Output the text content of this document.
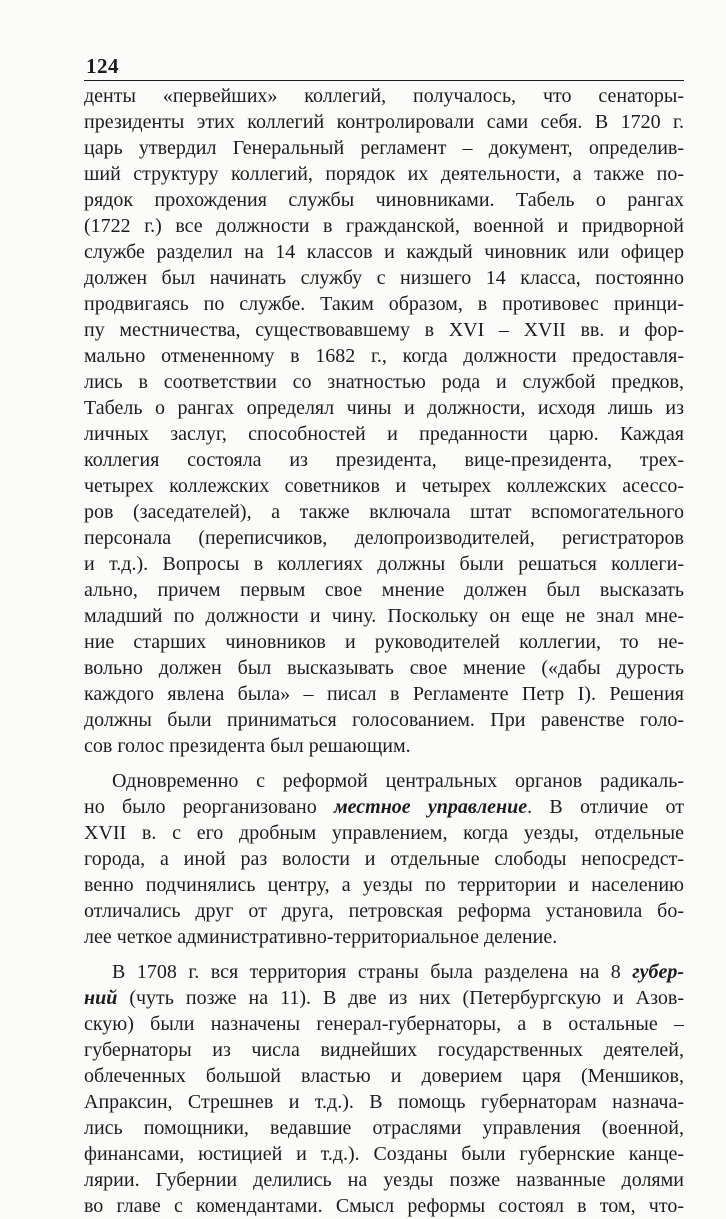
124
денты «первейших» коллегий, получалось, что сенаторы-
президенты этих коллегий контролировали сами себя. В 1720 г.
царь утвердил Генеральный регламент – документ, определив-
ший структуру коллегий, порядок их деятельности, а также по-
рядок прохождения службы чиновниками. Табель о рангах
(1722 г.) все должности в гражданской, военной и придворной
службе разделил на 14 классов и каждый чиновник или офицер
должен был начинать службу с низшего 14 класса, постоянно
продвигаясь по службе. Таким образом, в противовес принци-
пу местничества, существовавшему в XVI – XVII вв. и фор-
мально отмененному в 1682 г., когда должности предоставля-
лись в соответствии со знатностью рода и службой предков,
Табель о рангах определял чины и должности, исходя лишь из
личных заслуг, способностей и преданности царю. Каждая
коллегия состояла из президента, вице-президента, трех-
четырех коллежских советников и четырех коллежских асессо-
ров (заседателей), а также включала штат вспомогательного
персонала (переписчиков, делопроизводителей, регистраторов
и т.д.). Вопросы в коллегиях должны были решаться коллеги-
ально, причем первым свое мнение должен был высказать
младший по должности и чину. Поскольку он еще не знал мне-
ние старших чиновников и руководителей коллегии, то не-
вольно должен был высказывать свое мнение («дабы дурость
каждого явлена была» – писал в Регламенте Петр I). Решения
должны были приниматься голосованием. При равенстве голо-
сов голос президента был решающим.
Одновременно с реформой центральных органов радикаль-
но было реорганизовано местное управление. В отличие от
XVII в. с его дробным управлением, когда уезды, отдельные
города, а иной раз волости и отдельные слободы непосредст-
венно подчинялись центру, а уезды по территории и населению
отличались друг от друга, петровская реформа установила бо-
лее четкое административно-территориальное деление.
В 1708 г. вся территория страны была разделена на 8 губер-
ний (чуть позже на 11). В две из них (Петербургскую и Азов-
скую) были назначены генерал-губернаторы, а в остальные –
губернаторы из числа виднейших государственных деятелей,
облеченных большой властью и доверием царя (Меншиков,
Апраксин, Стрешнев и т.д.). В помощь губернаторам назнача-
лись помощники, ведавшие отраслями управления (военной,
финансами, юстицией и т.д.). Созданы были губернские канце-
лярии. Губернии делились на уезды позже названные долями
во главе с комендантами. Смысл реформы состоял в том, что-
